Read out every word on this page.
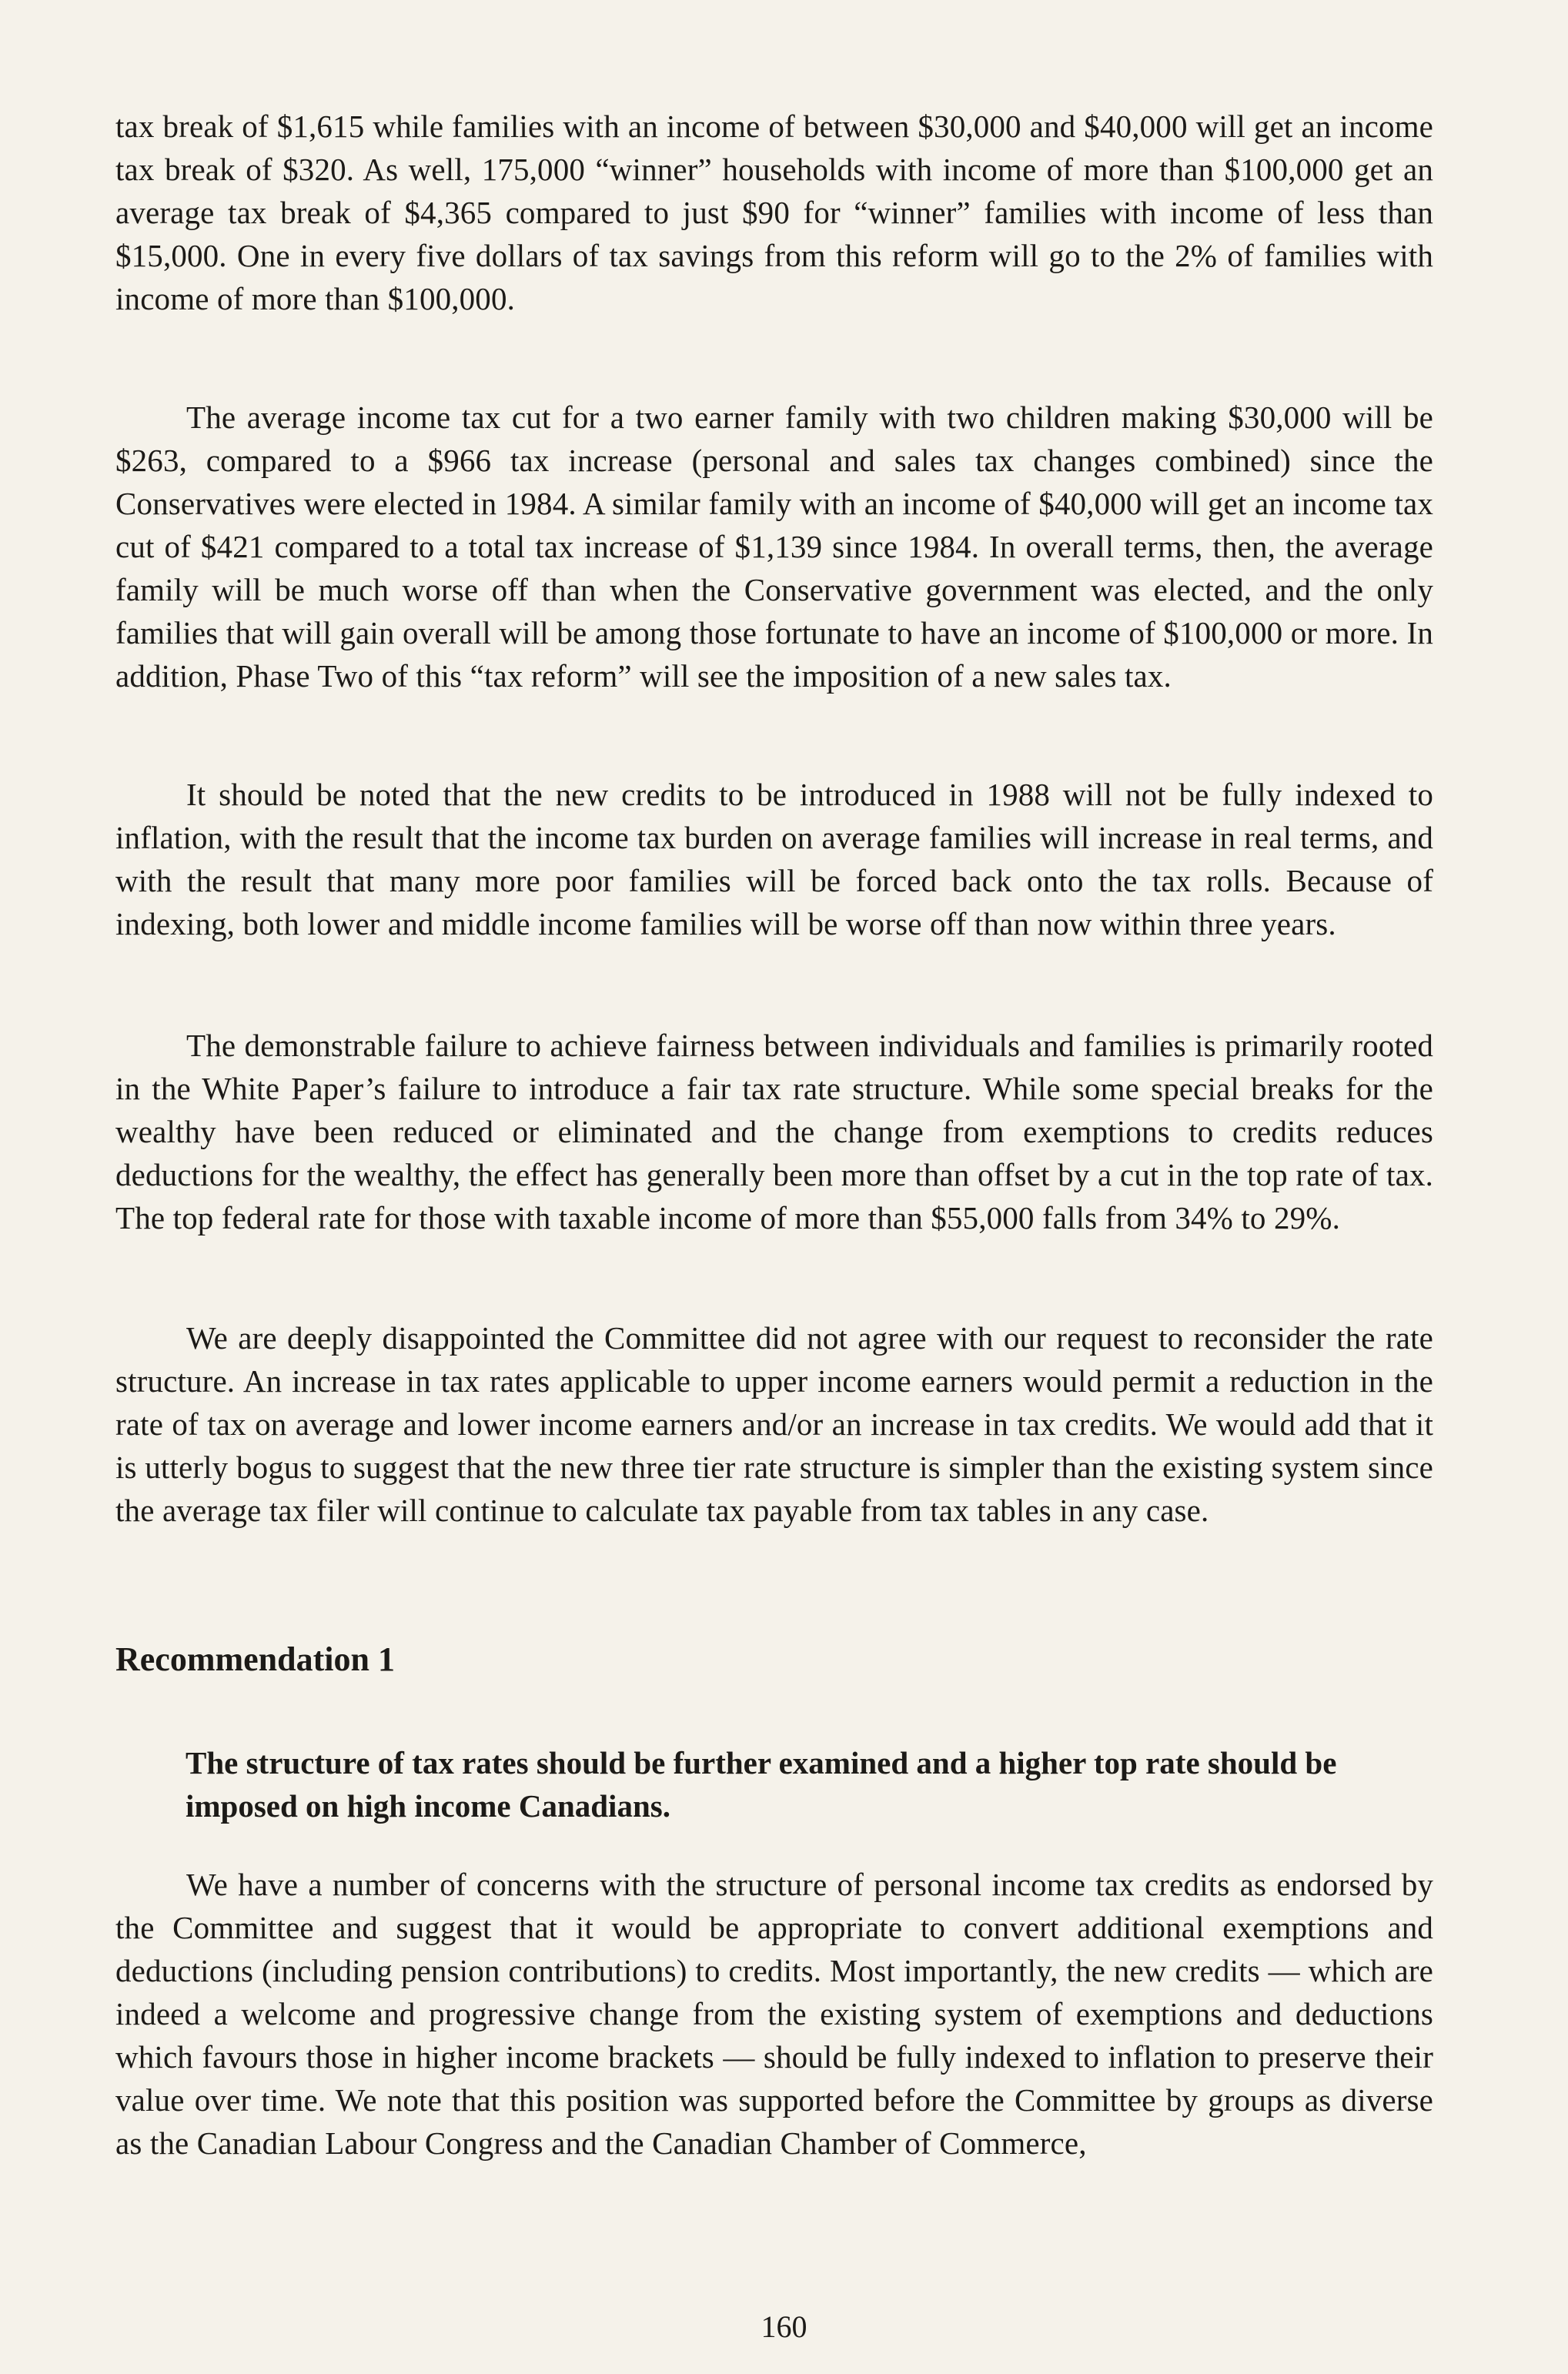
tax break of $1,615 while families with an income of between $30,000 and $40,000 will get an income tax break of $320. As well, 175,000 “winner” households with income of more than $100,000 get an average tax break of $4,365 compared to just $90 for “winner” families with income of less than $15,000. One in every five dollars of tax savings from this reform will go to the 2% of families with income of more than $100,000.

The average income tax cut for a two earner family with two children making $30,000 will be $263, compared to a $966 tax increase (personal and sales tax changes combined) since the Conservatives were elected in 1984. A similar family with an income of $40,000 will get an income tax cut of $421 compared to a total tax increase of $1,139 since 1984. In overall terms, then, the average family will be much worse off than when the Conservative government was elected, and the only families that will gain overall will be among those fortunate to have an income of $100,000 or more. In addition, Phase Two of this “tax reform” will see the imposition of a new sales tax.

It should be noted that the new credits to be introduced in 1988 will not be fully indexed to inflation, with the result that the income tax burden on average families will increase in real terms, and with the result that many more poor families will be forced back onto the tax rolls. Because of indexing, both lower and middle income families will be worse off than now within three years.

The demonstrable failure to achieve fairness between individuals and families is primarily rooted in the White Paper’s failure to introduce a fair tax rate structure. While some special breaks for the wealthy have been reduced or eliminated and the change from exemptions to credits reduces deductions for the wealthy, the effect has generally been more than offset by a cut in the top rate of tax. The top federal rate for those with taxable income of more than $55,000 falls from 34% to 29%.

We are deeply disappointed the Committee did not agree with our request to reconsider the rate structure. An increase in tax rates applicable to upper income earners would permit a reduction in the rate of tax on average and lower income earners and/or an increase in tax credits. We would add that it is utterly bogus to suggest that the new three tier rate structure is simpler than the existing system since the average tax filer will continue to calculate tax payable from tax tables in any case.

Recommendation 1

The structure of tax rates should be further examined and a higher top rate should be imposed on high income Canadians.

We have a number of concerns with the structure of personal income tax credits as endorsed by the Committee and suggest that it would be appropriate to convert additional exemptions and deductions (including pension contributions) to credits. Most importantly, the new credits — which are indeed a welcome and progressive change from the existing system of exemptions and deductions which favours those in higher income brackets — should be fully indexed to inflation to preserve their value over time. We note that this position was supported before the Committee by groups as diverse as the Canadian Labour Congress and the Canadian Chamber of Commerce,

160
